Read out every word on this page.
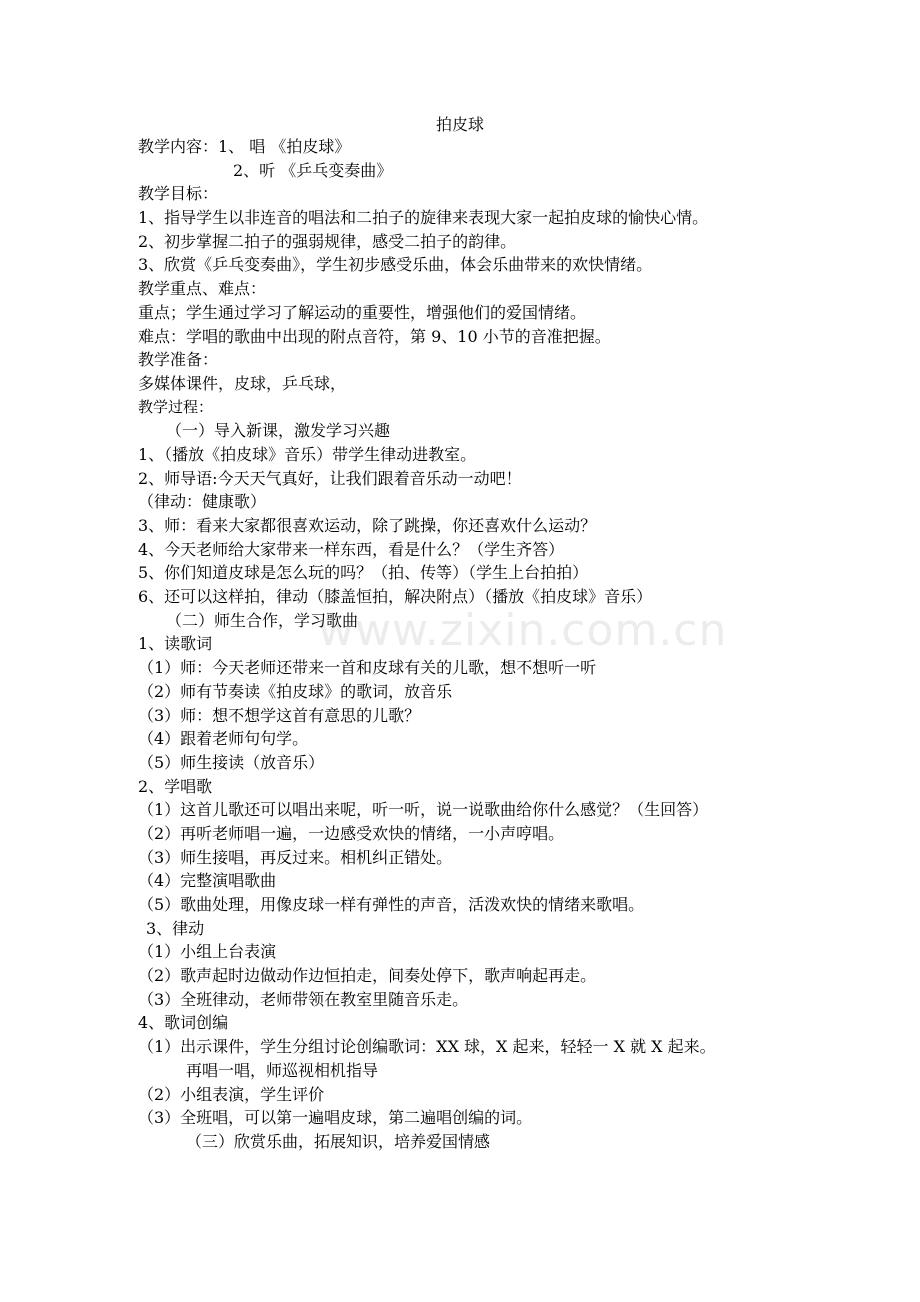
www.zixin.com.cn
拍皮球
教学内容：1、 唱 《拍皮球》
2、听 《乒乓变奏曲》
教学目标：
1、指导学生以非连音的唱法和二拍子的旋律来表现大家一起拍皮球的愉快心情。
2、初步掌握二拍子的强弱规律，感受二拍子的韵律。
3、欣赏《乒乓变奏曲》，学生初步感受乐曲，体会乐曲带来的欢快情绪。
教学重点、难点：
重点；学生通过学习了解运动的重要性，增强他们的爱国情绪。
难点：学唱的歌曲中出现的附点音符，第 9、10 小节的音准把握。
教学准备：
多媒体课件，皮球，乒乓球，
教学过程：
（一）导入新课，激发学习兴趣
1、（播放《拍皮球》音乐）带学生律动进教室。
2、师导语:今天天气真好，让我们跟着音乐动一动吧！
（律动：健康歌）
3、师：看来大家都很喜欢运动，除了跳操，你还喜欢什么运动？
4、今天老师给大家带来一样东西，看是什么？（学生齐答）
5、你们知道皮球是怎么玩的吗？（拍、传等）（学生上台拍拍）
6、还可以这样拍，律动（膝盖恒拍，解决附点）（播放《拍皮球》音乐）
（二）师生合作，学习歌曲
1、读歌词
（1）师：今天老师还带来一首和皮球有关的儿歌，想不想听一听
（2）师有节奏读《拍皮球》的歌词，放音乐
（3）师：想不想学这首有意思的儿歌？
（4）跟着老师句句学。
（5）师生接读（放音乐）
2、学唱歌
（1）这首儿歌还可以唱出来呢，听一听，说一说歌曲给你什么感觉？（生回答）
（2）再听老师唱一遍，一边感受欢快的情绪，一小声哼唱。
（3）师生接唱，再反过来。相机纠正错处。
（4）完整演唱歌曲
（5）歌曲处理，用像皮球一样有弹性的声音，活泼欢快的情绪来歌唱。
3、律动
（1）小组上台表演
（2）歌声起时边做动作边恒拍走，间奏处停下，歌声响起再走。
（3）全班律动，老师带领在教室里随音乐走。
4、歌词创编
（1）出示课件，学生分组讨论创编歌词：XX 球，X 起来，轻轻一 X 就 X 起来。
再唱一唱，师巡视相机指导
（2）小组表演，学生评价
（3）全班唱，可以第一遍唱皮球，第二遍唱创编的词。
（三）欣赏乐曲，拓展知识，培养爱国情感
